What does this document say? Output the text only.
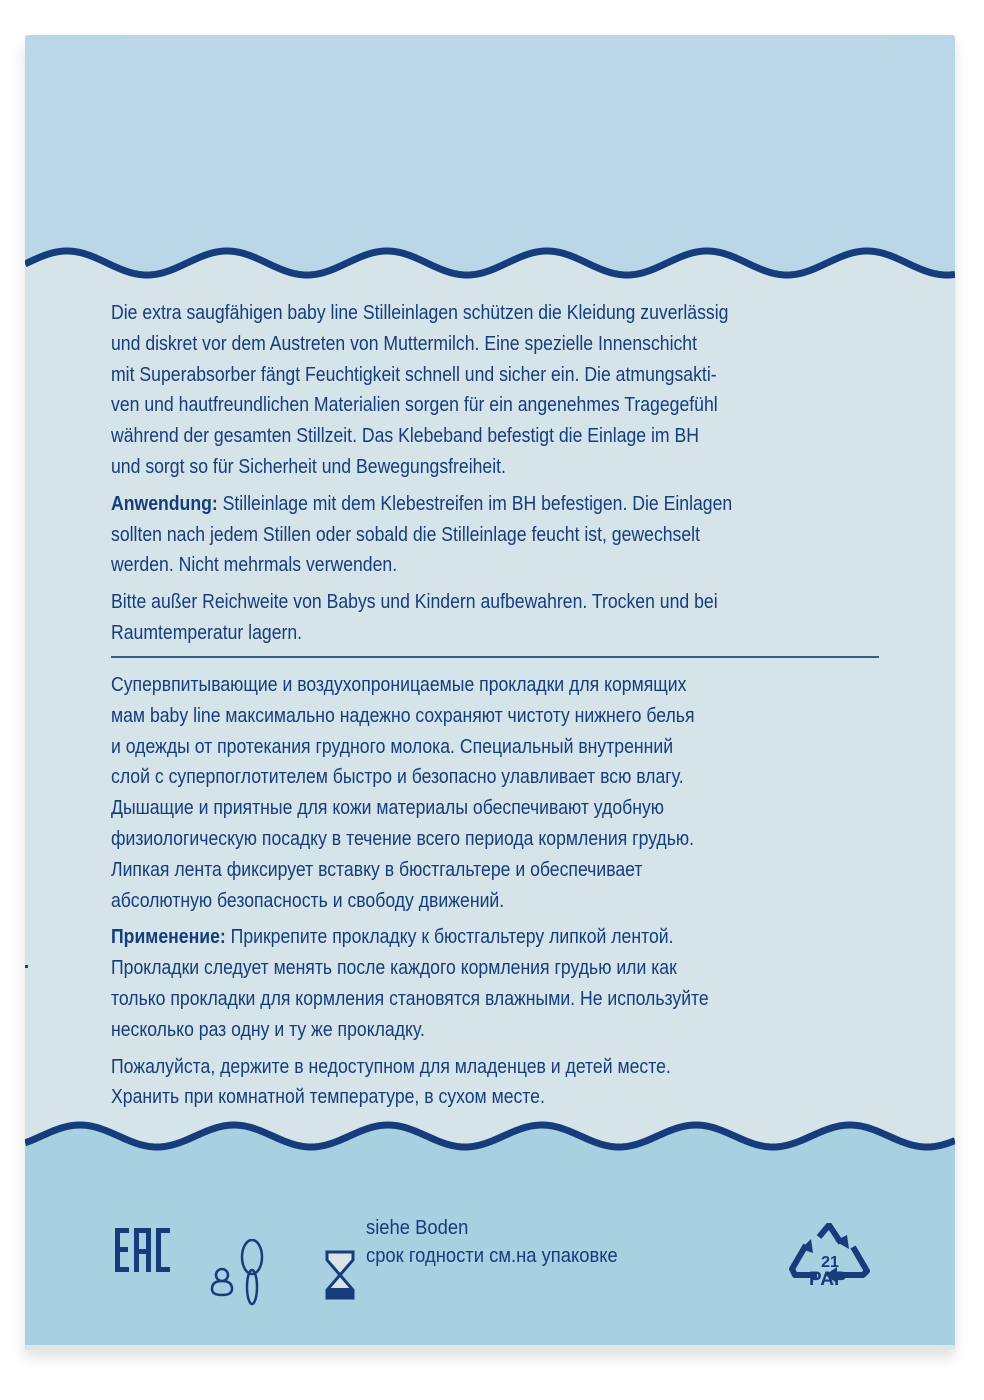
Die extra saugfähigen baby line Stilleinlagen schützen die Kleidung zuverlässig
und diskret vor dem Austreten von Muttermilch. Eine spezielle Innenschicht
mit Superabsorber fängt Feuchtigkeit schnell und sicher ein. Die atmungsakti-
ven und hautfreundlichen Materialien sorgen für ein angenehmes Tragegefühl
während der gesamten Stillzeit. Das Klebeband befestigt die Einlage im BH
und sorgt so für Sicherheit und Bewegungsfreiheit.
Anwendung: Stilleinlage mit dem Klebestreifen im BH befestigen. Die Einlagen
sollten nach jedem Stillen oder sobald die Stilleinlage feucht ist, gewechselt
werden. Nicht mehrmals verwenden.
Bitte außer Reichweite von Babys und Kindern aufbewahren. Trocken und bei
Raumtemperatur lagern.
Супервпитывающие и воздухопроницаемые прокладки для кормящих
мам baby line максимально надежно сохраняют чистоту нижнего белья
и одежды от протекания грудного молока. Специальный внутренний
слой с суперпоглотителем быстро и безопасно улавливает всю влагу.
Дышащие и приятные для кожи материалы обеспечивают удобную
физиологическую посадку в течение всего периода кормления грудью.
Липкая лента фиксирует вставку в бюстгальтере и обеспечивает
абсолютную безопасность и свободу движений.
Применение: Прикрепите прокладку к бюстгальтеру липкой лентой.
Прокладки следует менять после каждого кормления грудью или как
только прокладки для кормления становятся влажными. Не используйте
несколько раз одну и ту же прокладку.
Пожалуйста, держите в недоступном для младенцев и детей месте.
Хранить при комнатной температуре, в сухом месте.
siehe Boden
срок годности см.на упаковке	21
PAP
